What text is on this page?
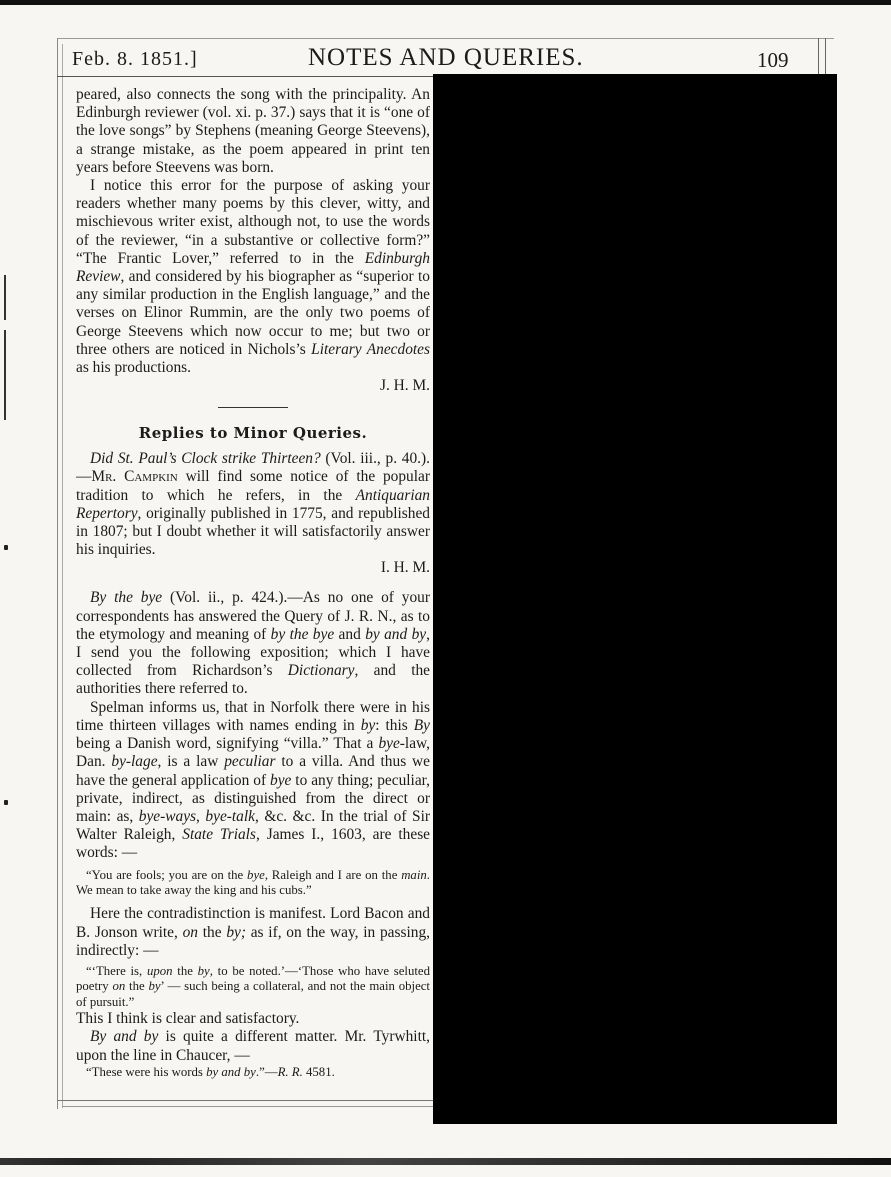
Feb. 8. 1851.]	NOTES AND QUERIES.	109

peared, also connects the song with the principality. An Edinburgh reviewer (vol. xi. p. 37.) says that it is “one of the love songs” by Stephens (meaning George Steevens), a strange mistake, as the poem appeared in print ten years before Steevens was born.

I notice this error for the purpose of asking your readers whether many poems by this clever, witty, and mischievous writer exist, although not, to use the words of the reviewer, “in a substantive or collective form?” “The Frantic Lover,” referred to in the Edinburgh Review, and considered by his biographer as “superior to any similar production in the English language,” and the verses on Elinor Rummin, are the only two poems of George Steevens which now occur to me; but two or three others are noticed in Nichols’s Literary Anecdotes as his productions.

J. H. M.
Replies to Minor Queries.

Did St. Paul’s Clock strike Thirteen? (Vol. iii., p. 40.).—Mr. Campkin will find some notice of the popular tradition to which he refers, in the Antiquarian Repertory, originally published in 1775, and republished in 1807; but I doubt whether it will satisfactorily answer his inquiries.

I. H. M.

By the bye (Vol. ii., p. 424.).—As no one of your correspondents has answered the Query of J. R. N., as to the etymology and meaning of by the bye and by and by, I send you the following exposition; which I have collected from Richardson’s Dictionary, and the authorities there referred to.

Spelman informs us, that in Norfolk there were in his time thirteen villages with names ending in by: this By being a Danish word, signifying “villa.” That a bye-law, Dan. by-lage, is a law peculiar to a villa. And thus we have the general application of bye to any thing; peculiar, private, indirect, as distinguished from the direct or main: as, bye-ways, bye-talk, &c. &c. In the trial of Sir Walter Raleigh, State Trials, James I., 1603, are these words: —

“You are fools; you are on the bye, Raleigh and I are on the main. We mean to take away the king and his cubs.”

Here the contradistinction is manifest. Lord Bacon and B. Jonson write, on the by; as if, on the way, in passing, indirectly: —

“‘There is, upon the by, to be noted.’—‘Those who have seluted poetry on the by’ — such being a collateral, and not the main object of pursuit.”

This I think is clear and satisfactory.

By and by is quite a different matter. Mr. Tyrwhitt, upon the line in Chaucer, —

“These were his words by and by.”—R. R. 4581.
